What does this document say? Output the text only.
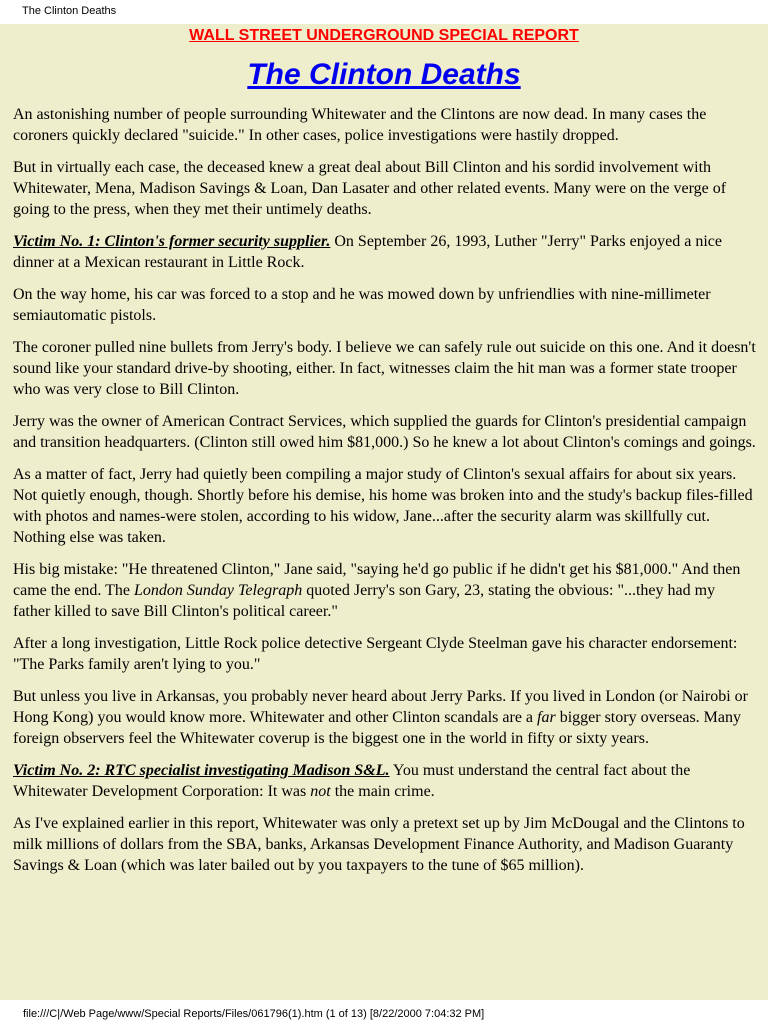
The Clinton Deaths
WALL STREET UNDERGROUND SPECIAL REPORT
The Clinton Deaths

An astonishing number of people surrounding Whitewater and the Clintons are now dead. In many cases the coroners quickly declared "suicide." In other cases, police investigations were hastily dropped.

But in virtually each case, the deceased knew a great deal about Bill Clinton and his sordid involvement with Whitewater, Mena, Madison Savings & Loan, Dan Lasater and other related events. Many were on the verge of going to the press, when they met their untimely deaths.

Victim No. 1: Clinton's former security supplier. On September 26, 1993, Luther "Jerry" Parks enjoyed a nice dinner at a Mexican restaurant in Little Rock.

On the way home, his car was forced to a stop and he was mowed down by unfriendlies with nine-millimeter semiautomatic pistols.

The coroner pulled nine bullets from Jerry's body. I believe we can safely rule out suicide on this one. And it doesn't sound like your standard drive-by shooting, either. In fact, witnesses claim the hit man was a former state trooper who was very close to Bill Clinton.

Jerry was the owner of American Contract Services, which supplied the guards for Clinton's presidential campaign and transition headquarters. (Clinton still owed him $81,000.) So he knew a lot about Clinton's comings and goings.

As a matter of fact, Jerry had quietly been compiling a major study of Clinton's sexual affairs for about six years. Not quietly enough, though. Shortly before his demise, his home was broken into and the study's backup files-filled with photos and names-were stolen, according to his widow, Jane...after the security alarm was skillfully cut. Nothing else was taken.

His big mistake: "He threatened Clinton," Jane said, "saying he'd go public if he didn't get his $81,000." And then came the end. The London Sunday Telegraph quoted Jerry's son Gary, 23, stating the obvious: "...they had my father killed to save Bill Clinton's political career."

After a long investigation, Little Rock police detective Sergeant Clyde Steelman gave his character endorsement: "The Parks family aren't lying to you."

But unless you live in Arkansas, you probably never heard about Jerry Parks. If you lived in London (or Nairobi or Hong Kong) you would know more. Whitewater and other Clinton scandals are a far bigger story overseas. Many foreign observers feel the Whitewater coverup is the biggest one in the world in fifty or sixty years.

Victim No. 2: RTC specialist investigating Madison S&L. You must understand the central fact about the Whitewater Development Corporation: It was not the main crime.

As I've explained earlier in this report, Whitewater was only a pretext set up by Jim McDougal and the Clintons to milk millions of dollars from the SBA, banks, Arkansas Development Finance Authority, and Madison Guaranty Savings & Loan (which was later bailed out by you taxpayers to the tune of $65 million).

file:///C|/Web Page/www/Special Reports/Files/061796(1).htm (1 of 13) [8/22/2000 7:04:32 PM]
